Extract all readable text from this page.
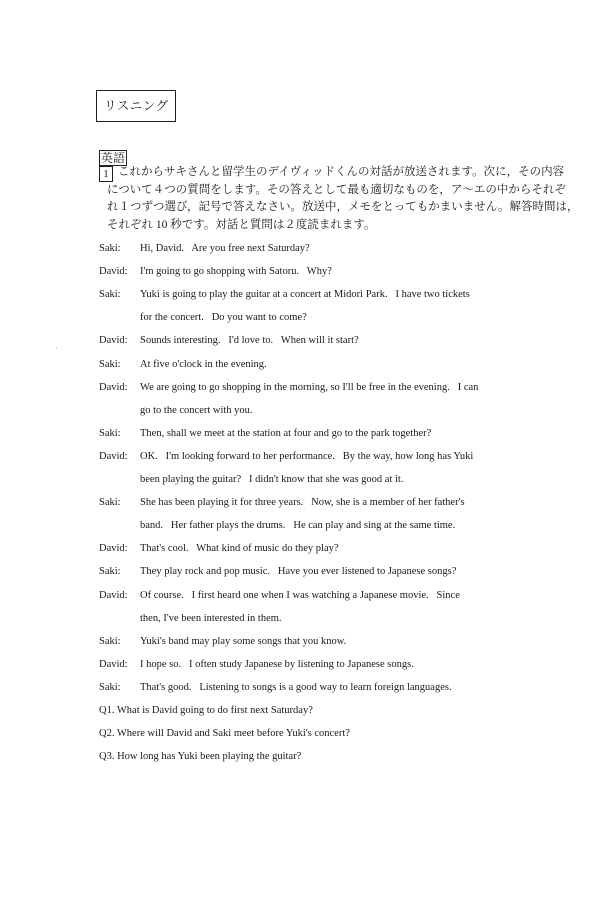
リスニング
英語
1 これからサキさんと留学生のデイヴィッドくんの対話が放送されます。次に，その内容
について４つの質問をします。その答えとして最も適切なものを，ア〜エの中からそれぞ
れ１つずつ選び，記号で答えなさい。放送中，メモをとってもかまいません。解答時間は，
それぞれ 10 秒です。対話と質問は２度読まれます。
·
Saki: Hi, David.   Are you free next Saturday?
David: I'm going to go shopping with Satoru.   Why?
Saki: Yuki is going to play the guitar at a concert at Midori Park.   I have two tickets
for the concert.   Do you want to come?
David: Sounds interesting.   I'd love to.   When will it start?
Saki: At five o'clock in the evening.
David: We are going to go shopping in the morning, so I'll be free in the evening.   I can
go to the concert with you.
Saki: Then, shall we meet at the station at four and go to the park together?
David: OK.   I'm looking forward to her performance.   By the way, how long has Yuki
been playing the guitar?   I didn't know that she was good at it.
Saki: She has been playing it for three years.   Now, she is a member of her father's
band.   Her father plays the drums.   He can play and sing at the same time.
David: That's cool.   What kind of music do they play?
Saki: They play rock and pop music.   Have you ever listened to Japanese songs?
David: Of course.   I first heard one when I was watching a Japanese movie.   Since
then, I've been interested in them.
Saki: Yuki's band may play some songs that you know.
David: I hope so.   I often study Japanese by listening to Japanese songs.
Saki: That's good.   Listening to songs is a good way to learn foreign languages.
Q1. What is David going to do first next Saturday?
Q2. Where will David and Saki meet before Yuki's concert?
Q3. How long has Yuki been playing the guitar?
